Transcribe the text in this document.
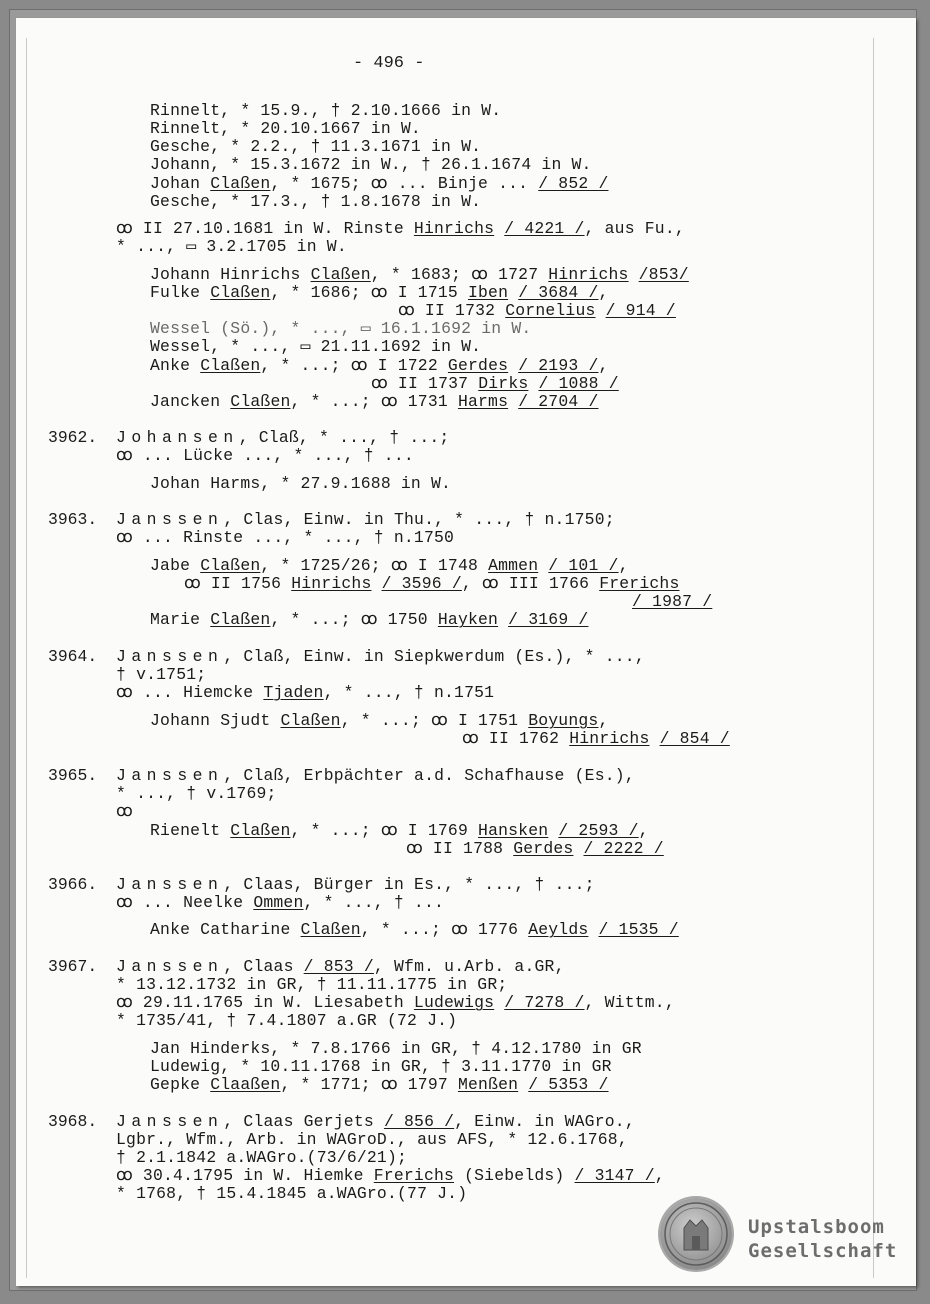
- 496 -
Rinnelt, * 15.9., † 2.10.1666 in W.
Rinnelt, * 20.10.1667 in W.
Gesche, * 2.2., † 11.3.1671 in W.
Johann, * 15.3.1672 in W., † 26.1.1674 in W.
Johan Claßen, * 1675; ꝏ ... Binje ... / 852 /
Gesche, * 17.3., † 1.8.1678 in W.
ꝏ II 27.10.1681 in W. Rinste Hinrichs / 4221 /, aus Fu.,
* ..., ▭ 3.2.1705 in W.
Johann Hinrichs Claßen, * 1683; ꝏ 1727 Hinrichs /853/
Fulke Claßen, * 1686; ꝏ I 1715 Iben / 3684 /,
ꝏ II 1732 Cornelius / 914 /
Wessel (Sö.), * ..., ▭ 16.1.1692 in W.
Wessel, * ..., ▭ 21.11.1692 in W.
Anke Claßen, * ...; ꝏ I 1722 Gerdes / 2193 /,
ꝏ II 1737 Dirks / 1088 /
Jancken Claßen, * ...; ꝏ 1731 Harms / 2704 /
3962. Johansen, Claß, * ..., † ...;
ꝏ ... Lücke ..., * ..., † ...
Johan Harms, * 27.9.1688 in W.
3963. Janssen, Clas, Einw. in Thu., * ..., † n.1750;
ꝏ ... Rinste ..., * ..., † n.1750
Jabe Claßen, * 1725/26; ꝏ I 1748 Ammen / 101 /,
ꝏ II 1756 Hinrichs / 3596 /, ꝏ III 1766 Frerichs
/ 1987 /
Marie Claßen, * ...; ꝏ 1750 Hayken / 3169 /
3964. Janssen, Claß, Einw. in Siepkwerdum (Es.), * ...,
† v.1751;
ꝏ ... Hiemcke Tjaden, * ..., † n.1751
Johann Sjudt Claßen, * ...; ꝏ I 1751 Boyungs,
ꝏ II 1762 Hinrichs / 854 /
3965. Janssen, Claß, Erbpächter a.d. Schafhause (Es.),
* ..., † v.1769;
ꝏ
Rienelt Claßen, * ...; ꝏ I 1769 Hansken / 2593 /,
ꝏ II 1788 Gerdes / 2222 /
3966. Janssen, Claas, Bürger in Es., * ..., † ...;
ꝏ ... Neelke Ommen, * ..., † ...
Anke Catharine Claßen, * ...; ꝏ 1776 Aeylds / 1535 /
3967. Janssen, Claas / 853 /, Wfm. u.Arb. a.GR,
* 13.12.1732 in GR, † 11.11.1775 in GR;
ꝏ 29.11.1765 in W. Liesabeth Ludewigs / 7278 /, Wittm.,
* 1735/41, † 7.4.1807 a.GR (72 J.)
Jan Hinderks, * 7.8.1766 in GR, † 4.12.1780 in GR
Ludewig, * 10.11.1768 in GR, † 3.11.1770 in GR
Gepke Claaßen, * 1771; ꝏ 1797 Menßen / 5353 /
3968. Janssen, Claas Gerjets / 856 /, Einw. in WAGro.,
Lgbr., Wfm., Arb. in WAGroD., aus AFS, * 12.6.1768,
† 2.1.1842 a.WAGro.(73/6/21);
ꝏ 30.4.1795 in W. Hiemke Frerichs (Siebelds) / 3147 /,
* 1768, † 15.4.1845 a.WAGro.(77 J.)
Upstalsboom
Gesellschaft
